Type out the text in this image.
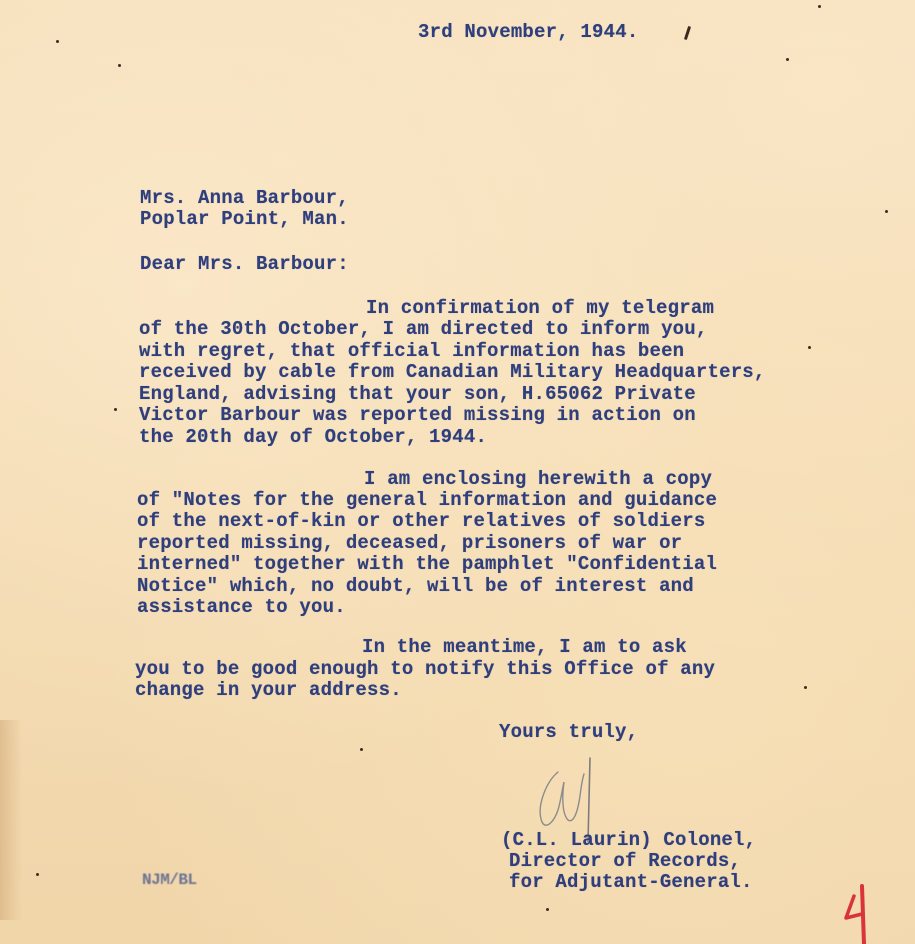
3rd November, 1944.
Mrs. Anna Barbour,
Poplar Point, Man.
Dear Mrs. Barbour:
In confirmation of my telegram
of the 30th October, I am directed to inform you,
with regret, that official information has been
received by cable from Canadian Military Headquarters,
England, advising that your son, H.65062 Private
Victor Barbour was reported missing in action on
the 20th day of October, 1944.
I am enclosing herewith a copy
of "Notes for the general information and guidance
of the next-of-kin or other relatives of soldiers
reported missing, deceased, prisoners of war or
interned" together with the pamphlet "Confidential
Notice" which, no doubt, will be of interest and
assistance to you.
In the meantime, I am to ask
you to be good enough to notify this Office of any
change in your address.
Yours truly,
(C.L. Laurin) Colonel,
Director of Records,
for Adjutant-General.
NJM/BL
